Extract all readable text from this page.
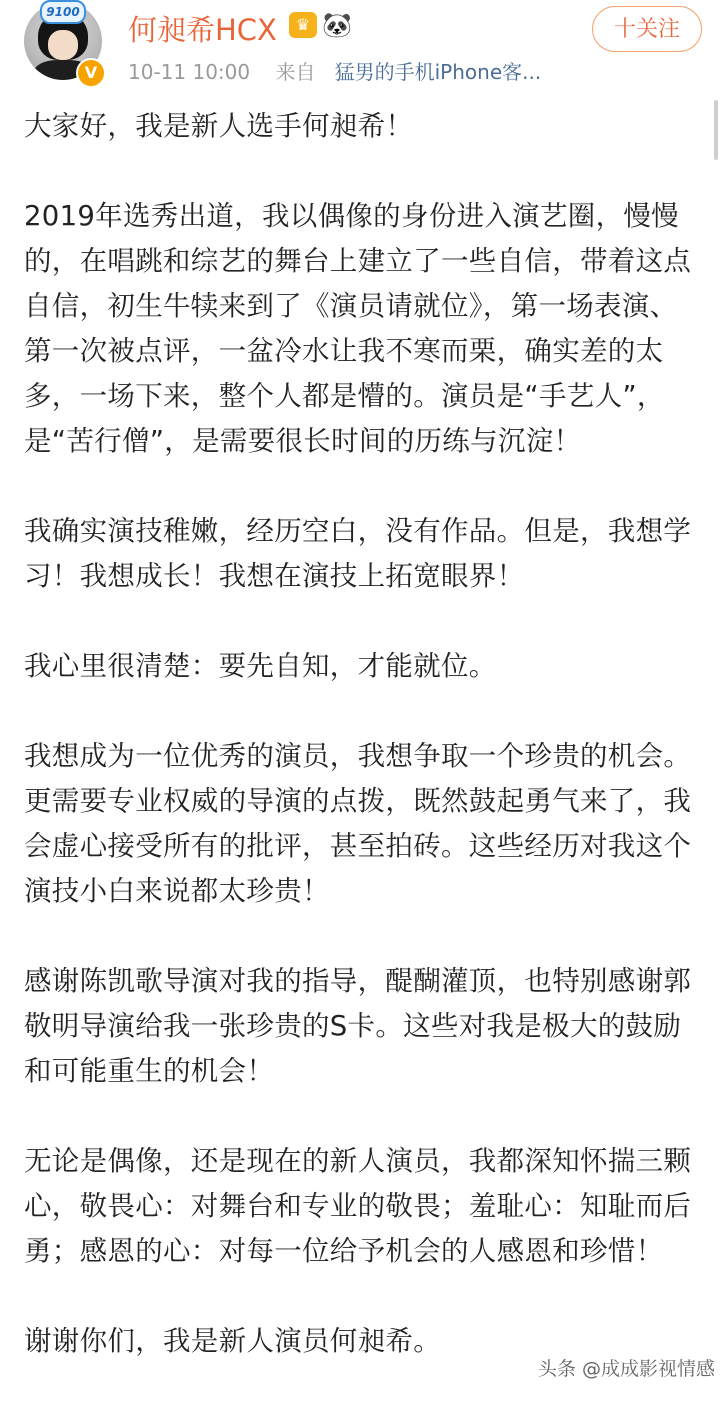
9100
V
何昶希HCX	♛ 🐼
10-11 10:00 来自 猛男的手机iPhone客...
十关注

大家好，我是新人选手何昶希！

2019年选秀出道，我以偶像的身份进入演艺圈，慢慢的，在唱跳和综艺的舞台上建立了一些自信，带着这点自信，初生牛犊来到了《演员请就位》，第一场表演、第一次被点评，一盆冷水让我不寒而栗，确实差的太多，一场下来，整个人都是懵的。演员是“手艺人”，是“苦行僧”，是需要很长时间的历练与沉淀！

我确实演技稚嫩，经历空白，没有作品。但是，我想学习！我想成长！我想在演技上拓宽眼界！

我心里很清楚：要先自知，才能就位。

我想成为一位优秀的演员，我想争取一个珍贵的机会。更需要专业权威的导演的点拨，既然鼓起勇气来了，我会虚心接受所有的批评，甚至拍砖。这些经历对我这个演技小白来说都太珍贵！

感谢陈凯歌导演对我的指导，醍醐灌顶，也特别感谢郭敬明导演给我一张珍贵的S卡。这些对我是极大的鼓励和可能重生的机会！

无论是偶像，还是现在的新人演员，我都深知怀揣三颗心，敬畏心：对舞台和专业的敬畏；羞耻心：知耻而后勇；感恩的心：对每一位给予机会的人感恩和珍惜！

谢谢你们，我是新人演员何昶希。

头条 @成成影视情感
